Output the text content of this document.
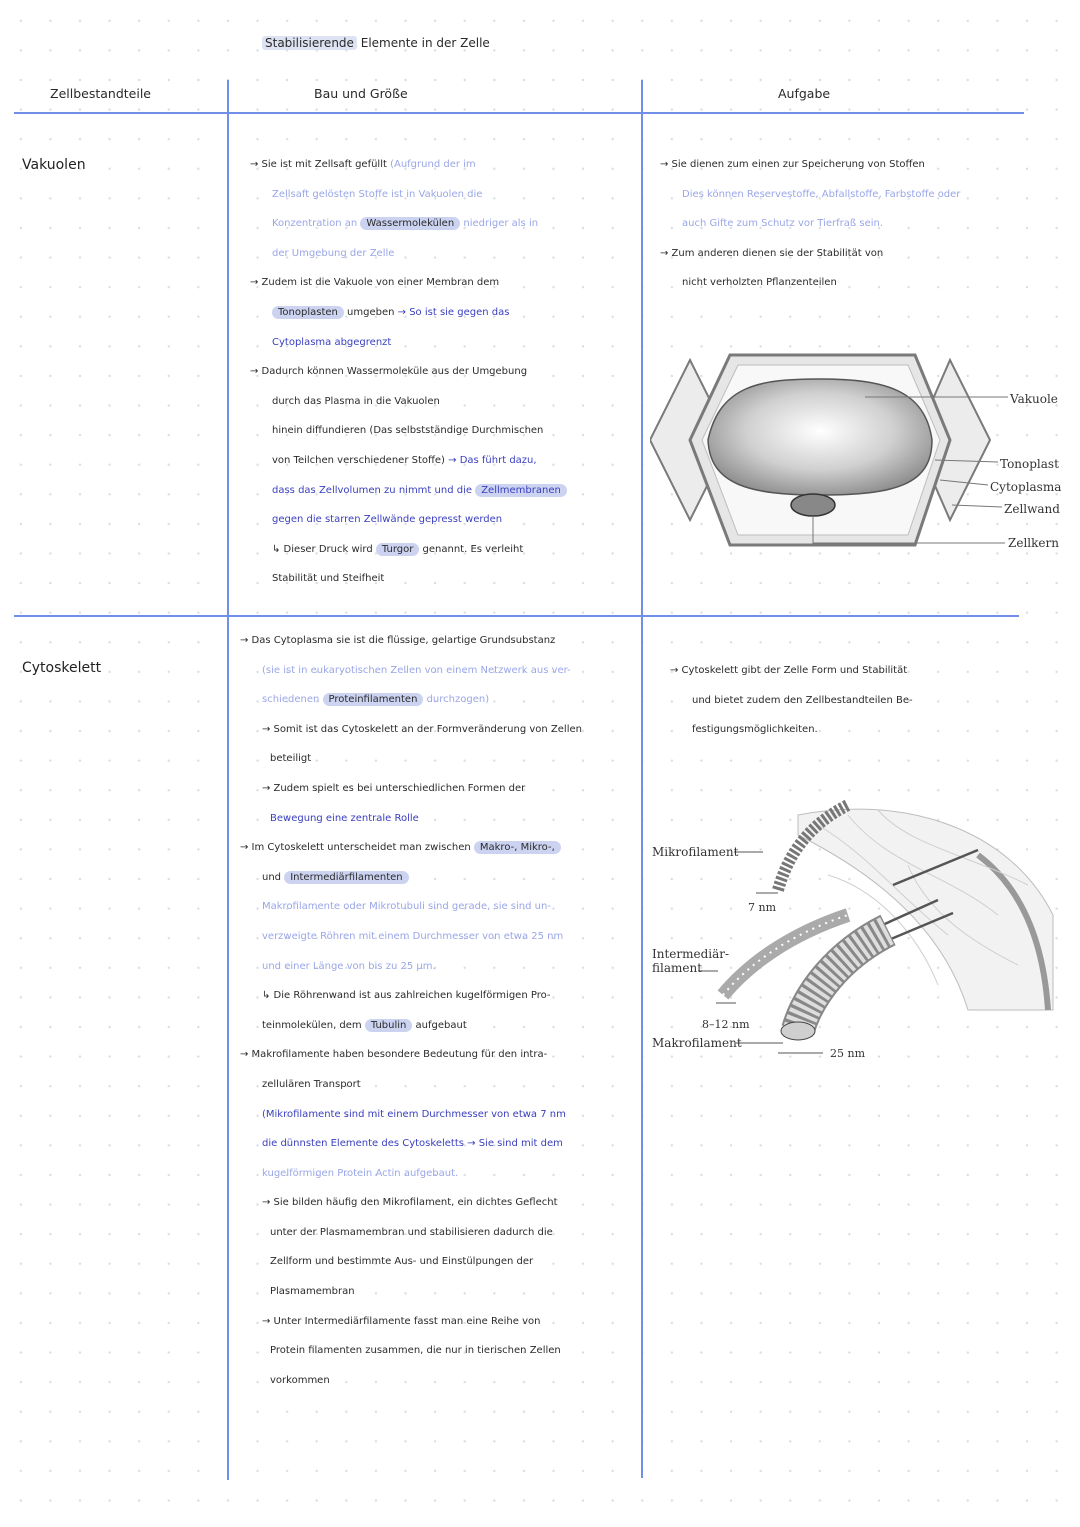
Stabilisierende Elemente in der Zelle
Zellbestandteile	Bau und Größe	Aufgabe
Vakuolen
Cytoskelett

→ Sie ist mit Zellsaft gefüllt (Aufgrund der im

Zellsaft gelösten Stoffe ist in Vakuolen die

Konzentration an Wassermolekülen niedriger als in

der Umgebung der Zelle

→ Zudem ist die Vakuole von einer Membran dem

Tonoplasten umgeben → So ist sie gegen das

Cytoplasma abgegrenzt

→ Dadurch können Wassermoleküle aus der Umgebung

durch das Plasma in die Vakuolen

hinein diffundieren (Das selbstständige Durchmischen

von Teilchen verschiedener Stoffe) → Das führt dazu,

dass das Zellvolumen zu nimmt und die Zellmembranen

gegen die starren Zellwände gepresst werden

↳ Dieser Druck wird Turgor genannt. Es verleiht

Stabilität und Steifheit

→ Sie dienen zum einen zur Speicherung von Stoffen

Dies können Reservestoffe, Abfallstoffe, Farbstoffe oder

auch Gifte zum Schutz vor Tierfraß sein.

→ Zum anderen dienen sie der Stabilität von

nicht verholzten Pflanzenteilen

Vakuole
Tonoplast
Cytoplasma
Zellwand
Zellkern

→ Das Cytoplasma sie ist die flüssige, gelartige Grundsubstanz

(sie ist in eukaryotischen Zellen von einem Netzwerk aus ver-

schiedenen Proteinfilamenten durchzogen)

→ Somit ist das Cytoskelett an der Formveränderung von Zellen

beteiligt

→ Zudem spielt es bei unterschiedlichen Formen der

Bewegung eine zentrale Rolle

→ Im Cytoskelett unterscheidet man zwischen Makro-, Mikro-,

und Intermediärfilamenten

Makrofilamente oder Mikrotubuli sind gerade, sie sind un-

verzweigte Röhren mit einem Durchmesser von etwa 25 nm

und einer Länge von bis zu 25 µm.

↳ Die Röhrenwand ist aus zahlreichen kugelförmigen Pro-

teinmolekülen, dem Tubulin aufgebaut

→ Makrofilamente haben besondere Bedeutung für den intra-

zellulären Transport

(Mikrofilamente sind mit einem Durchmesser von etwa 7 nm

die dünnsten Elemente des Cytoskeletts → Sie sind mit dem

kugelförmigen Protein Actin aufgebaut.

→ Sie bilden häufig den Mikrofilament, ein dichtes Geflecht

unter der Plasmamembran und stabilisieren dadurch die

Zellform und bestimmte Aus- und Einstülpungen der

Plasmamembran

→ Unter Intermediärfilamente fasst man eine Reihe von

Protein filamenten zusammen, die nur in tierischen Zellen

vorkommen

→ Cytoskelett gibt der Zelle Form und Stabilität

und bietet zudem den Zellbestandteilen Be-

festigungsmöglichkeiten.

Mikrofilament
7 nm
Intermediär-
filament
8–12 nm
Makrofilament
25 nm
